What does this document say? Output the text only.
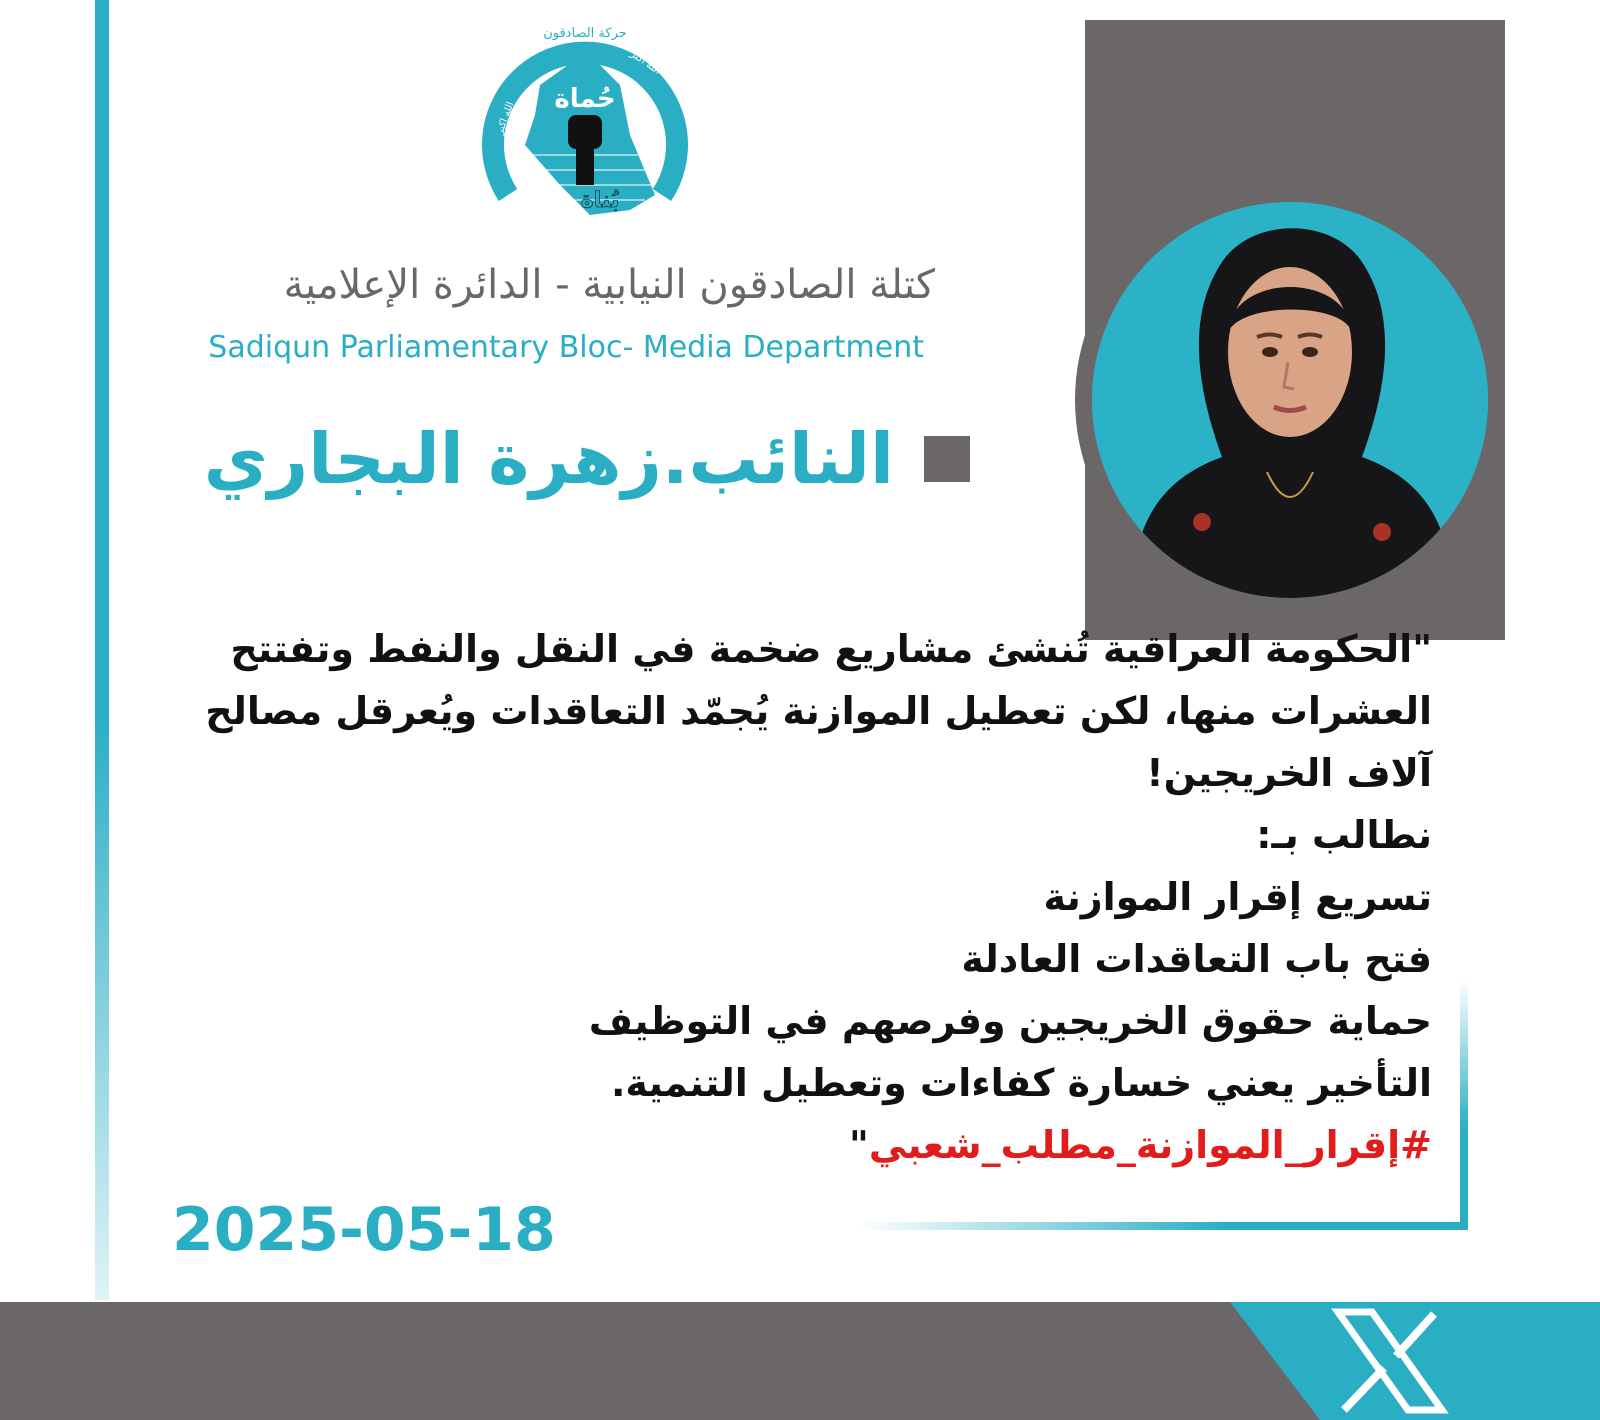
حركة الصادقون
حُماة
بُناة
الله اكبر
الله اكبر
كتلة الصادقون النيابية - الدائرة الإعلامية
Sadiqun Parliamentary Bloc- Media Department
النائب.زهرة البجاري
"الحكومة العراقية تُنشئ مشاريع ضخمة في النقل والنفط وتفتتح
العشرات منها، لكن تعطيل الموازنة يُجمّد التعاقدات ويُعرقل مصالح
آلاف الخريجين!
نطالب بـ:
تسريع إقرار الموازنة
فتح باب التعاقدات العادلة
حماية حقوق الخريجين وفرصهم في التوظيف
التأخير يعني خسارة كفاءات وتعطيل التنمية.
#إقرار_الموازنة_مطلب_شعبي"
2025-05-18
